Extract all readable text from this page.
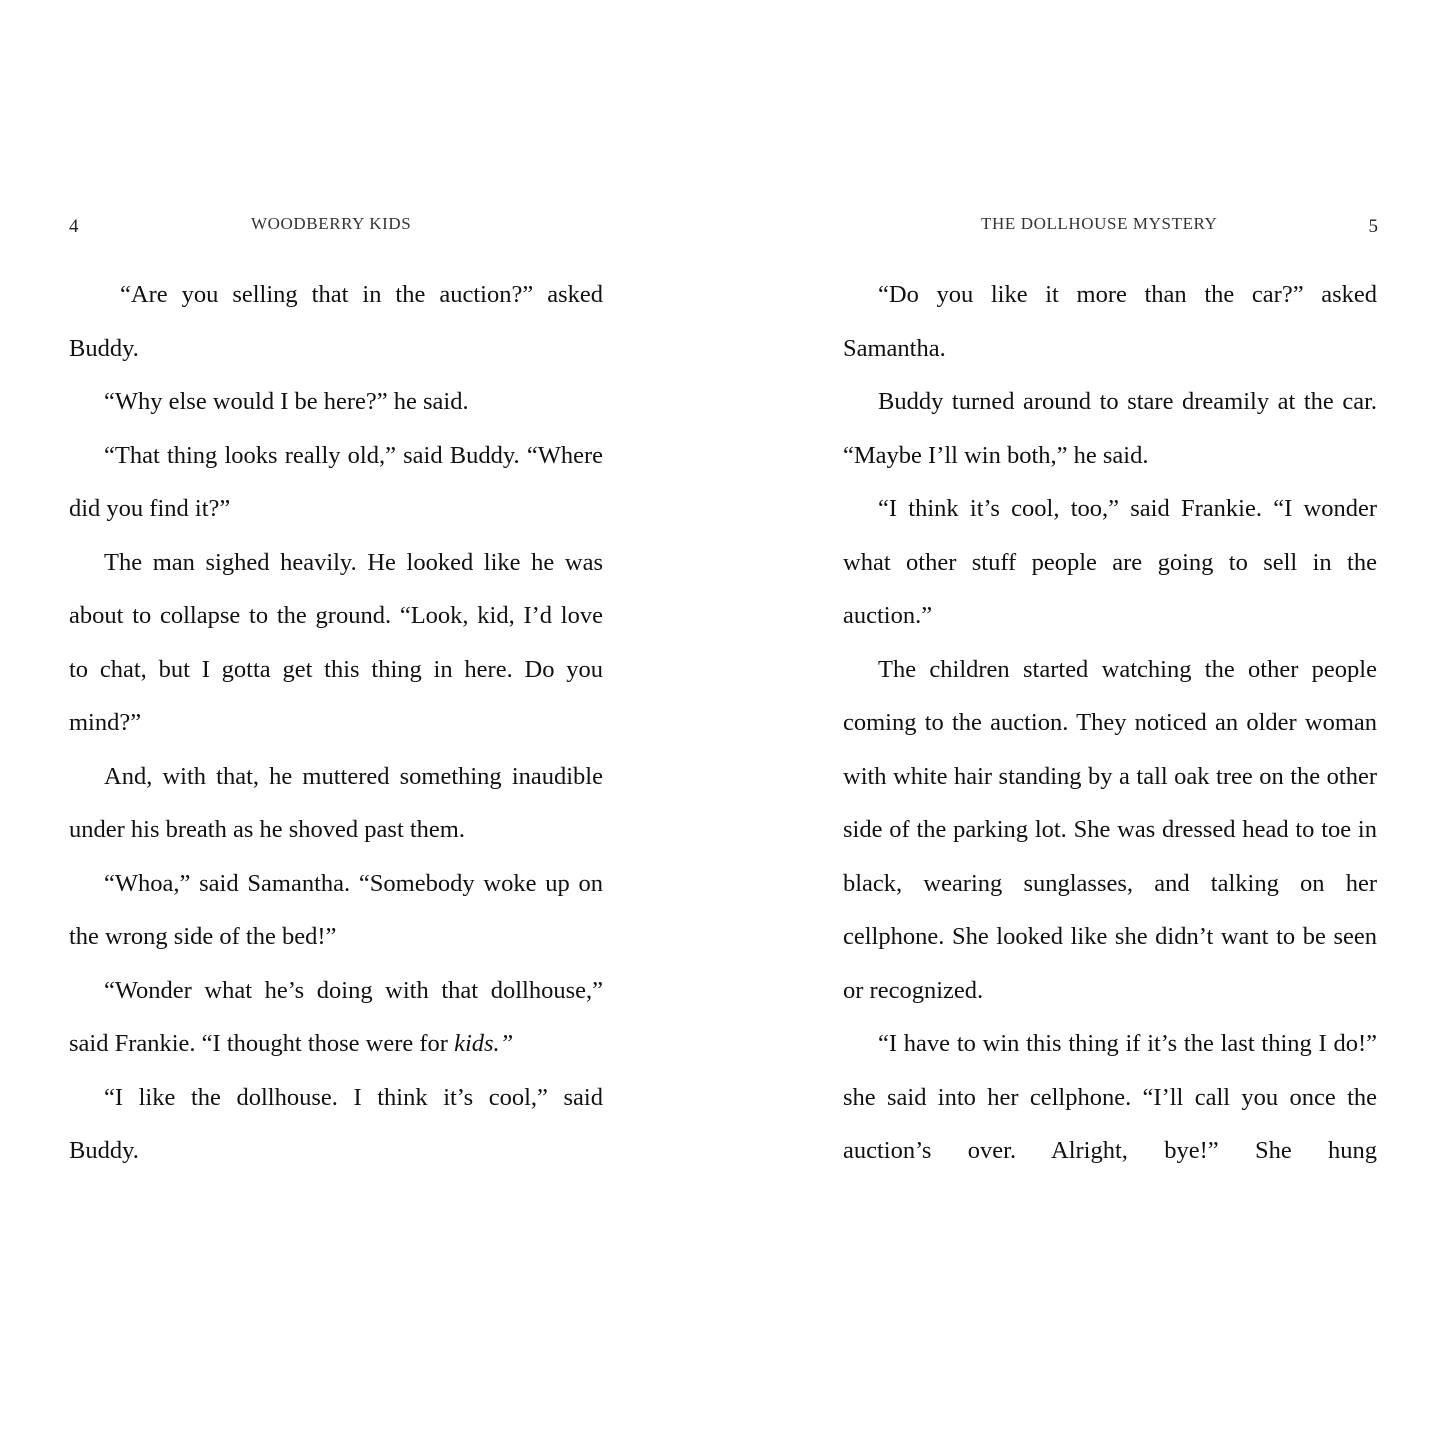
4	WOODBERRY KIDS

“Are you selling that in the auction?” asked Buddy.

“Why else would I be here?” he said.

“That thing looks really old,” said Buddy. “Where did you find it?”

The man sighed heavily. He looked like he was about to collapse to the ground. “Look, kid, I’d love to chat, but I gotta get this thing in here. Do you mind?”

And, with that, he muttered something inaudible under his breath as he shoved past them.

“Whoa,” said Samantha. “Somebody woke up on the wrong side of the bed!”

“Wonder what he’s doing with that dollhouse,”

said Frankie. “I thought those were for kids.”

“I like the dollhouse. I think it’s cool,” said Buddy.

THE DOLLHOUSE MYSTERY	5

“Do you like it more than the car?” asked Samantha.

Buddy turned around to stare dreamily at the car. “Maybe I’ll win both,” he said.

“I think it’s cool, too,” said Frankie. “I wonder what other stuff people are going to sell in the auction.”

The children started watching the other people coming to the auction. They noticed an older woman with white hair standing by a tall oak tree on the other side of the parking lot. She was dressed head to toe in black, wearing sunglasses, and talking on her cellphone. She looked like she didn’t want to be seen or recognized.

“I have to win this thing if it’s the last thing I do!” she said into her cellphone. “I’ll call you once the auction’s over. Alright, bye!” She hung
